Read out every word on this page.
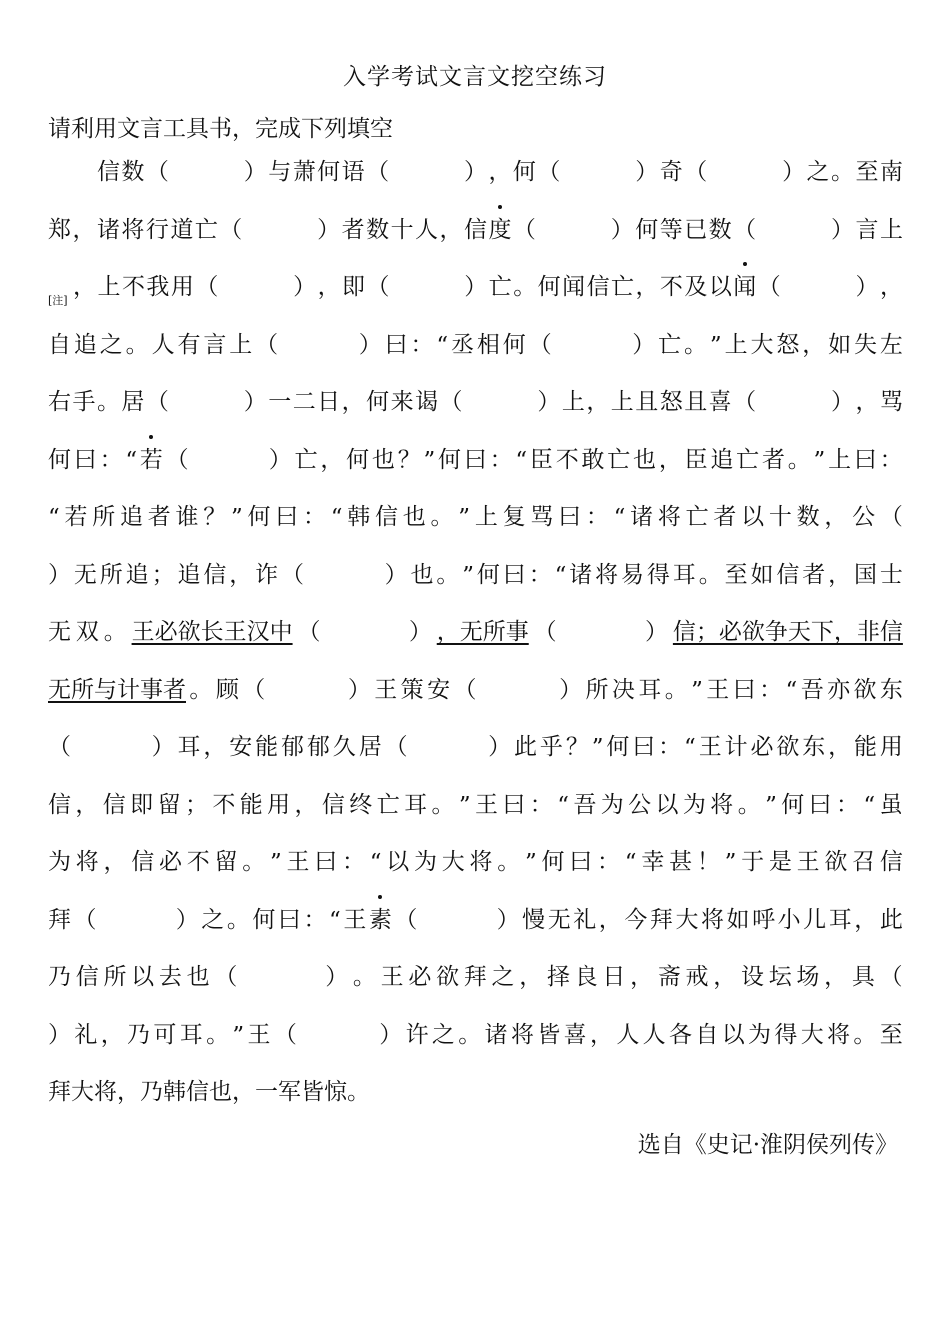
入学考试文言文挖空练习
请利用文言工具书，完成下列填空

信 数 （

　	） 与 萧 何 语 （

　	） ， 何 （

　	） 奇 （

　	） 之 。 至 南
郑 ， 诸 将 行 道 亡 （

　	） 者 数 十 人 ， 信 度 （

　	） 何 等 已 数 （

　	） 言 上
[注]
， 上 不 我 用 （

　	） ， 即 （

　	） 亡 。 何 闻 信 亡 ， 不 及 以 闻 （

　	） ，
自 追 之 。 人 有 言 上 （

　	） 曰 ： “ 丞 相 何 （

　	） 亡 。 ” 上 大 怒 ， 如 失 左
右 手 。 居 （

　	） 一 二 日 ， 何 来 谒 （

　	） 上 ， 上 且 怒 且 喜 （

　	） ， 骂
何 曰 ： “ 若 （

　	） 亡 ， 何 也 ？ ” 何 曰 ： “ 臣 不 敢 亡 也 ， 臣 追 亡 者 。 ” 上 曰 ：
“ 若 所 追 者 谁 ？ ” 何 曰 ： “ 韩 信 也 。 ” 上 复 骂 曰 ： “ 诸 将 亡 者 以 十 数 ， 公 （
） 无 所 追 ； 追 信 ， 诈 （

　	） 也 。 ” 何 曰 ： “ 诸 将 易 得 耳 。 至 如 信 者 ， 国 士
无 双 。 王必欲长王汉中 （

　	） ，无所事 （

　	） 信；必欲争天下，非信
无所与计事者 。 顾 （

　	） 王 策 安 （

　	） 所 决 耳 。 ” 王 曰 ： “ 吾 亦 欲 东
（

　	） 耳 ， 安 能 郁 郁 久 居 （

　	） 此 乎 ？ ” 何 曰 ： “ 王 计 必 欲 东 ， 能 用
信 ， 信 即 留 ； 不 能 用 ， 信 终 亡 耳 。 ” 王 曰 ： “ 吾 为 公 以 为 将 。 ” 何 曰 ： “ 虽
为 将 ， 信 必 不 留 。 ” 王 曰 ： “ 以 为 大 将 。 ” 何 曰 ： “ 幸 甚 ！ ” 于 是 王 欲 召 信
拜 （

　	） 之 。 何 曰 ： “ 王 素 （

　	） 慢 无 礼 ， 今 拜 大 将 如 呼 小 儿 耳 ， 此
乃 信 所 以 去 也 （

　	） 。 王 必 欲 拜 之 ， 择 良 日 ， 斋 戒 ， 设 坛 场 ， 具 （
） 礼 ， 乃 可 耳 。 ” 王 （

　	） 许 之 。 诸 将 皆 喜 ， 人 人 各 自 以 为 得 大 将 。 至
拜 大 将 ， 乃 韩 信 也 ， 一 军 皆 惊 。
选自《史记·淮阴侯列传》
